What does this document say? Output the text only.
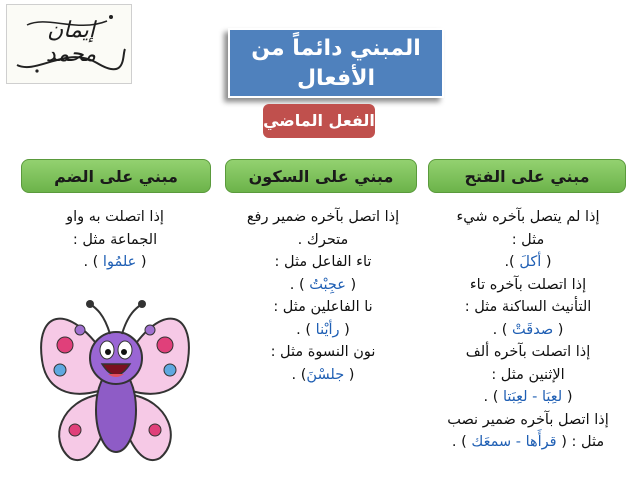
إيمان محمد	المبني دائماً من الأفعال
الفعل الماضي
مبني على الفتح
مبني على السكون
مبني على الضم
إذا لم يتصل بآخره شيء
مثل :
( أكلَ ).
إذا اتصلت بآخره تاء
التأنيث الساكنة مثل :
( صدقَتْ ) .
إذا اتصلت بآخره ألف
الإثنين مثل :
( لعِبَا - لعِبَتا ) .
إذا اتصل بآخره ضمير نصب
مثل : ( قرأَها - سمعَك ) .
إذا اتصل بآخره ضمير رفع
متحرك .
تاء الفاعل مثل :
( عجِبْتُ ) .
نا الفاعلين مثل :
( رأيْنا ) .
نون النسوة مثل :
( جلسْنَ) .
إذا اتصلت به واو
الجماعة مثل :
( علمُوا ) .
